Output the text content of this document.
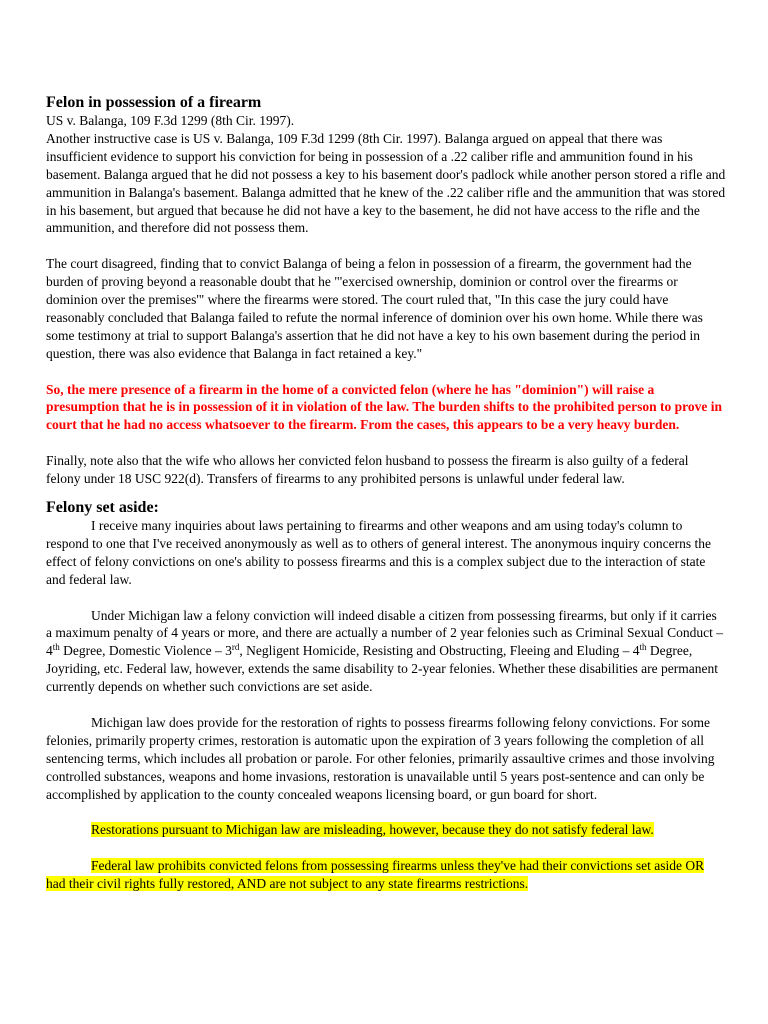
Felon in possession of a firearm

US v. Balanga, 109 F.3d 1299 (8th Cir. 1997).

Another instructive case is US v. Balanga, 109 F.3d 1299 (8th Cir. 1997). Balanga argued on appeal that there was insufficient evidence to support his conviction for being in possession of a .22 caliber rifle and ammunition found in his basement. Balanga argued that he did not possess a key to his basement door's padlock while another person stored a rifle and ammunition in Balanga's basement. Balanga admitted that he knew of the .22 caliber rifle and the ammunition that was stored in his basement, but argued that because he did not have a key to the basement, he did not have access to the rifle and the ammunition, and therefore did not possess them.

The court disagreed, finding that to convict Balanga of being a felon in possession of a firearm, the government had the burden of proving beyond a reasonable doubt that he "'exercised ownership, dominion or control over the firearms or dominion over the premises'" where the firearms were stored. The court ruled that, "In this case the jury could have reasonably concluded that Balanga failed to refute the normal inference of dominion over his own home. While there was some testimony at trial to support Balanga's assertion that he did not have a key to his own basement during the period in question, there was also evidence that Balanga in fact retained a key."

So, the mere presence of a firearm in the home of a convicted felon (where he has "dominion") will raise a presumption that he is in possession of it in violation of the law. The burden shifts to the prohibited person to prove in court that he had no access whatsoever to the firearm. From the cases, this appears to be a very heavy burden.

Finally, note also that the wife who allows her convicted felon husband to possess the firearm is also guilty of a federal felony under 18 USC 922(d). Transfers of firearms to any prohibited persons is unlawful under federal law.

Felony set aside:

I receive many inquiries about laws pertaining to firearms and other weapons and am using today's column to respond to one that I've received anonymously as well as to others of general interest. The anonymous inquiry concerns the effect of felony convictions on one's ability to possess firearms and this is a complex subject due to the interaction of state and federal law.

Under Michigan law a felony conviction will indeed disable a citizen from possessing firearms, but only if it carries a maximum penalty of 4 years or more, and there are actually a number of 2 year felonies such as Criminal Sexual Conduct – 4th Degree, Domestic Violence – 3rd, Negligent Homicide, Resisting and Obstructing, Fleeing and Eluding – 4th Degree, Joyriding, etc. Federal law, however, extends the same disability to 2-year felonies. Whether these disabilities are permanent currently depends on whether such convictions are set aside.

Michigan law does provide for the restoration of rights to possess firearms following felony convictions. For some felonies, primarily property crimes, restoration is automatic upon the expiration of 3 years following the completion of all sentencing terms, which includes all probation or parole. For other felonies, primarily assaultive crimes and those involving controlled substances, weapons and home invasions, restoration is unavailable until 5 years post-sentence and can only be accomplished by application to the county concealed weapons licensing board, or gun board for short.

Restorations pursuant to Michigan law are misleading, however, because they do not satisfy federal law.

Federal law prohibits convicted felons from possessing firearms unless they've had their convictions set aside OR had their civil rights fully restored, AND are not subject to any state firearms restrictions.
